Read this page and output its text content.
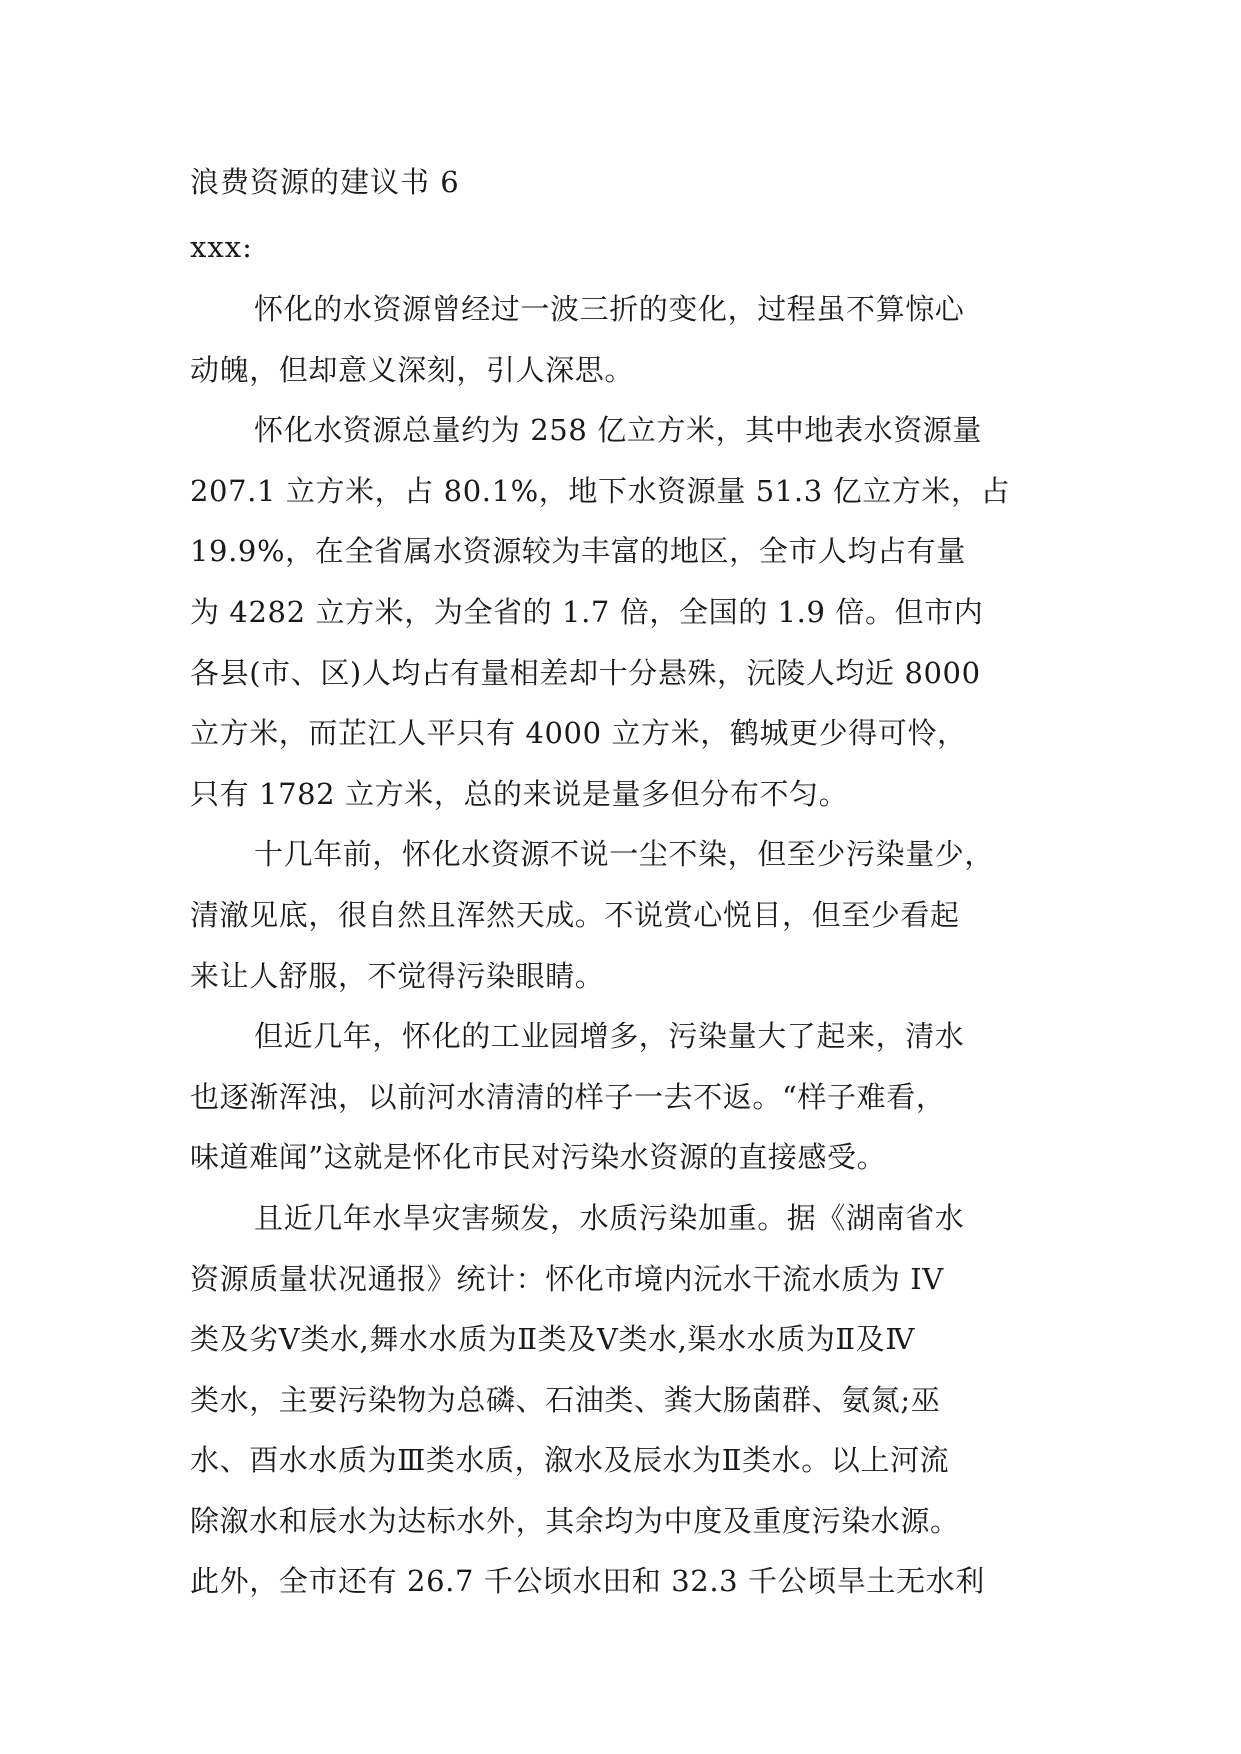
浪费资源的建议书 6
xxx:

怀化的水资源曾经过一波三折的变化，过程虽不算惊心
动魄，但却意义深刻，引人深思。

怀化水资源总量约为 258 亿立方米，其中地表水资源量
207.1 立方米，占 80.1%，地下水资源量 51.3 亿立方米，占
19.9%，在全省属水资源较为丰富的地区，全市人均占有量
为 4282 立方米，为全省的 1.7 倍，全国的 1.9 倍。但市内
各县(市、区)人均占有量相差却十分悬殊，沅陵人均近 8000
立方米，而芷江人平只有 4000 立方米，鹤城更少得可怜，
只有 1782 立方米，总的来说是量多但分布不匀。

十几年前，怀化水资源不说一尘不染，但至少污染量少，
清澈见底，很自然且浑然天成。不说赏心悦目，但至少看起
来让人舒服，不觉得污染眼睛。

但近几年，怀化的工业园增多，污染量大了起来，清水
也逐渐浑浊，以前河水清清的样子一去不返。“样子难看，
味道难闻”这就是怀化市民对污染水资源的直接感受。

且近几年水旱灾害频发，水质污染加重。据《湖南省水
资源质量状况通报》统计：怀化市境内沅水干流水质为 IV
类及劣Ⅴ类水,舞水水质为Ⅱ类及Ⅴ类水,渠水水质为Ⅱ及Ⅳ
类水，主要污染物为总磷、石油类、粪大肠菌群、氨氮;巫
水、酉水水质为Ⅲ类水质，溆水及辰水为Ⅱ类水。以上河流
除溆水和辰水为达标水外，其余均为中度及重度污染水源。
此外，全市还有 26.7 千公顷水田和 32.3 千公顷旱土无水利
